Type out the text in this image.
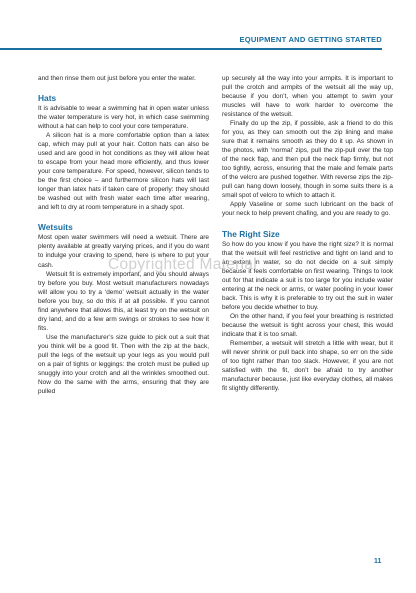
EQUIPMENT AND GETTING STARTED

and then rinse them out just before you enter the water.

Hats

It is advisable to wear a swimming hat in open water unless the water temperature is very hot, in which case swimming without a hat can help to cool your core temperature.

A silicon hat is a more comfortable option than a latex cap, which may pull at your hair. Cotton hats can also be used and are good in hot conditions as they will allow heat to escape from your head more efficiently, and thus lower your core temperature. For speed, however, silicon tends to be the first choice – and furthermore silicon hats will last longer than latex hats if taken care of properly: they should be washed out with fresh water each time after wearing, and left to dry at room temperature in a shady spot.

Wetsuits

Most open water swimmers will need a wetsuit. There are plenty available at greatly varying prices, and if you do want to indulge your craving to spend, here is where to put your cash.

Wetsuit fit is extremely important, and you should always try before you buy. Most wetsuit manufacturers nowadays will allow you to try a ‘demo’ wetsuit actually in the water before you buy, so do this if at all possible. If you cannot find anywhere that allows this, at least try on the wetsuit on dry land, and do a few arm swings or strokes to see how it fits.

Use the manufacturer’s size guide to pick out a suit that you think will be a good fit. Then with the zip at the back, pull the legs of the wetsuit up your legs as you would pull on a pair of tights or leggings: the crotch must be pulled up snuggly into your crotch and all the wrinkles smoothed out. Now do the same with the arms, ensuring that they are pulled

up securely all the way into your armpits. It is important to pull the crotch and armpits of the wetsuit all the way up, because if you don’t, when you attempt to swim your muscles will have to work harder to overcome the resistance of the wetsuit.

Finally do up the zip, if possible, ask a friend to do this for you, as they can smooth out the zip lining and make sure that it remains smooth as they do it up. As shown in the photos, with ‘normal’ zips, pull the zip-pull over the top of the neck flap, and then pull the neck flap firmly, but not too tightly, across, ensuring that the male and female parts of the velcro are pushed together. With reverse zips the zip-pull can hang down loosely, though in some suits there is a small spot of velcro to which to attach it.

Apply Vaseline or some such lubricant on the back of your neck to help prevent chafing, and you are ready to go.

The Right Size

So how do you know if you have the right size? It is normal that the wetsuit will feel restrictive and tight on land and to an extent in water, so do not decide on a suit simply because it feels comfortable on first wearing. Things to look out for that indicate a suit is too large for you include water entering at the neck or arms, or water pooling in your lower back. This is why it is preferable to try out the suit in water before you decide whether to buy.

On the other hand, if you feel your breathing is restricted because the wetsuit is tight across your chest, this would indicate that it is too small.

Remember, a wetsuit will stretch a little with wear, but it will never shrink or pull back into shape, so err on the side of too tight rather than too slack. However, if you are not satisfied with the fit, don’t be afraid to try another manufacturer because, just like everyday clothes, all makes fit slightly differently.

Copyrighted Material
11
